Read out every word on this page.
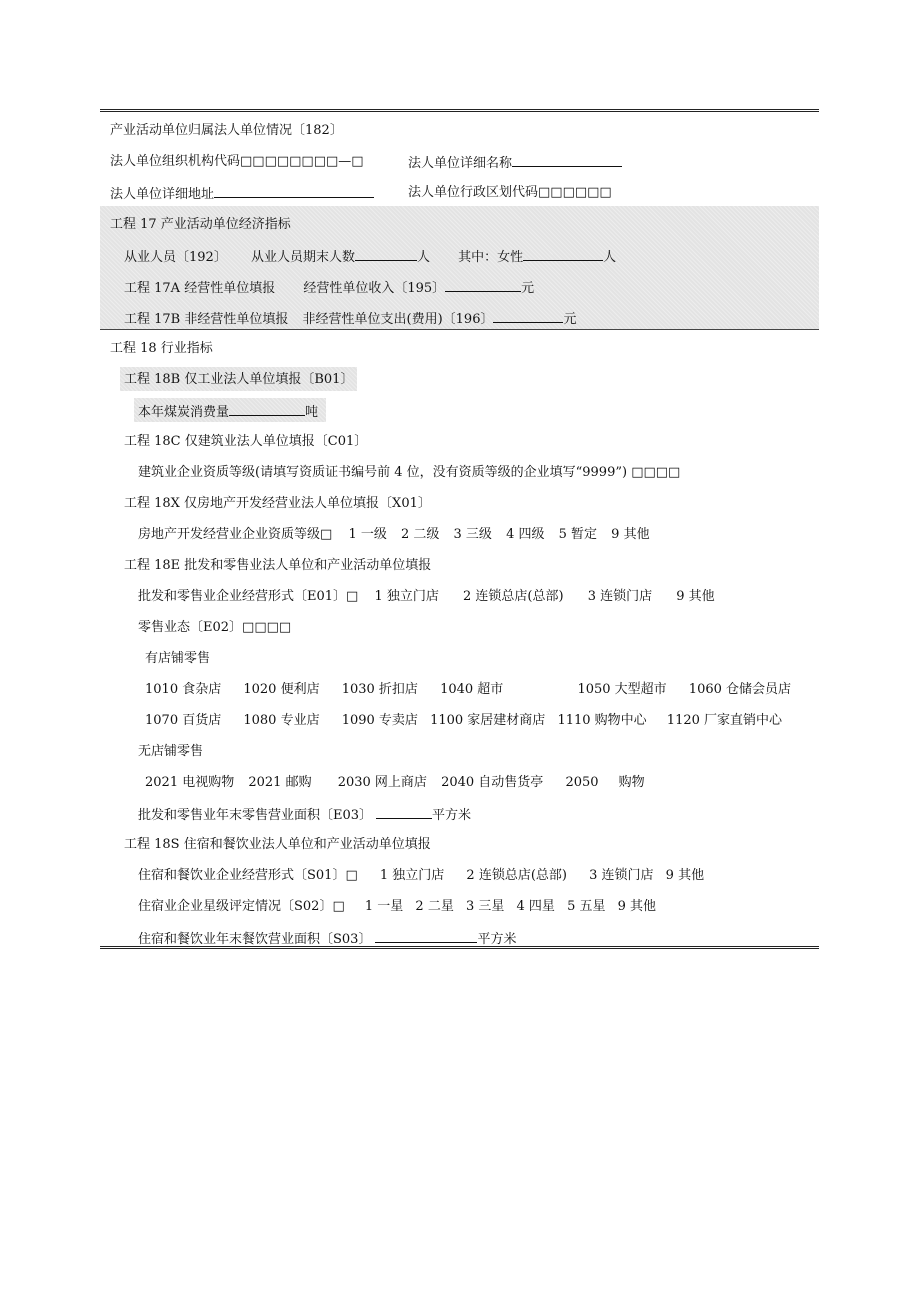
产业活动单位归属法人单位情况〔182〕
法人单位组织机构代码□□□□□□□□—□	法人单位详细名称
法人单位详细地址	法人单位行政区划代码□□□□□□
工程 17 产业活动单位经济指标
从业人员〔192〕 从业人员期末人数	人 其中：女性	人
工程 17A 经营性单位填报 经营性单位收入〔195〕	元
工程 17B 非经营性单位填报 非经营性单位支出(费用)〔196〕	元
工程 18 行业指标
工程 18B 仅工业法人单位填报〔B01〕
本年煤炭消费量	吨
工程 18C 仅建筑业法人单位填报〔C01〕
建筑业企业资质等级(请填写资质证书编号前 4 位，没有资质等级的企业填写“9999”) □□□□
工程 18X 仅房地产开发经营业法人单位填报〔X01〕
房地产开发经营业企业资质等级□ 1 一级 2 二级 3 三级 4 四级 5 暂定 9 其他
工程 18E 批发和零售业法人单位和产业活动单位填报
批发和零售业企业经营形式〔E01〕□ 1 独立门店 2 连锁总店(总部) 3 连锁门店 9 其他
零售业态〔E02〕□□□□
有店铺零售
1010 食杂店 1020 便利店 1030 折扣店 1040 超市	1050 大型超市 1060 仓储会员店
1070 百货店 1080 专业店 1090 专卖店 1100 家居建材商店 1110 购物中心 1120 厂家直销中心
无店铺零售
2021 电视购物 2021 邮购 2030 网上商店 2040 自动售货亭 2050 购物
批发和零售业年末零售营业面积〔E03〕	平方米
工程 18S 住宿和餐饮业法人单位和产业活动单位填报
住宿和餐饮业企业经营形式〔S01〕□ 1 独立门店 2 连锁总店(总部) 3 连锁门店 9 其他
住宿业企业星级评定情况〔S02〕□ 1 一星 2 二星 3 三星 4 四星 5 五星 9 其他
住宿和餐饮业年末餐饮营业面积〔S03〕	平方米
